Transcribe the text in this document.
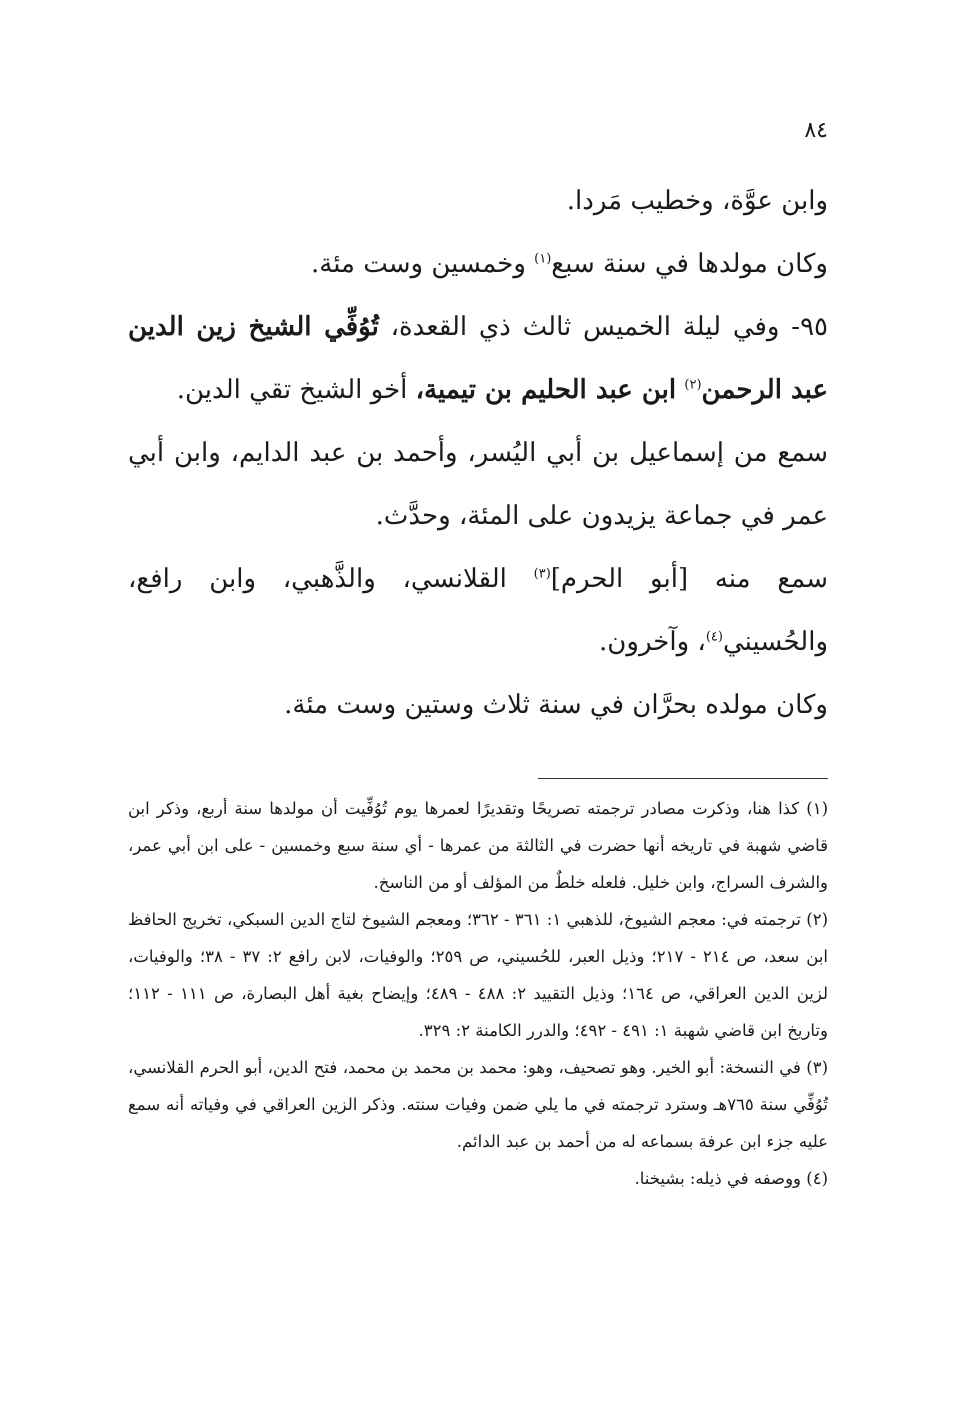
٨٤

وابن عوَّة، وخطيب مَردا.

وكان مولدها في سنة سبع$^{(١)}$ وخمسين وست مئة.

٩٥- وفي ليلة الخميس ثالث ذي القعدة، تُوُفِّي الشيخ زين الدين عبد الرحمن$^{(٢)}$ ابن عبد الحليم بن تيمية، أخو الشيخ تقي الدين.

سمع من إسماعيل بن أبي اليُسر، وأحمد بن عبد الدايم، وابن أبي عمر في جماعة يزيدون على المئة، وحدَّث.

سمع منه [أبو الحرم]$^{(٣)}$ القلانسي، والذَّهبي، وابن رافع، والحُسيني$^{(٤)}$، وآخرون.

وكان مولده بحرَّان في سنة ثلاث وستين وست مئة.

(١) كذا هنا، وذكرت مصادر ترجمته تصريحًا وتقديرًا لعمرها يوم تُوُفِّيت أن مولدها سنة أربع، وذكر ابن قاضي شهبة في تاريخه أنها حضرت في الثالثة من عمرها - أي سنة سبع وخمسين - على ابن أبي عمر، والشرف السراج، وابن خليل. فلعله خلطٌ من المؤلف أو من الناسخ.

(٢) ترجمته في: معجم الشيوخ، للذهبي ١: ٣٦١ - ٣٦٢؛ ومعجم الشيوخ لتاج الدين السبكي، تخريج الحافظ ابن سعد، ص ٢١٤ - ٢١٧؛ وذيل العبر، للحُسيني، ص ٢٥٩؛ والوفيات، لابن رافع ٢: ٣٧ - ٣٨؛ والوفيات، لزين الدين العراقي، ص ١٦٤؛ وذيل التقييد ٢: ٤٨٨ - ٤٨٩؛ وإيضاح بغية أهل البصارة، ص ١١١ - ١١٢؛ وتاريخ ابن قاضي شهبة ١: ٤٩١ - ٤٩٢؛ والدرر الكامنة ٢: ٣٢٩.

(٣) في النسخة: أبو الخير. وهو تصحيف، وهو: محمد بن محمد بن محمد، فتح الدين، أبو الحرم القلانسي، تُوُفِّي سنة ٧٦٥هـ وسترد ترجمته في ما يلي ضمن وفيات سنته. وذكر الزين العراقي في وفياته أنه سمع عليه جزء ابن عرفة بسماعه له من أحمد بن عبد الدائم.

(٤) ووصفه في ذيله: بشيخنا.
